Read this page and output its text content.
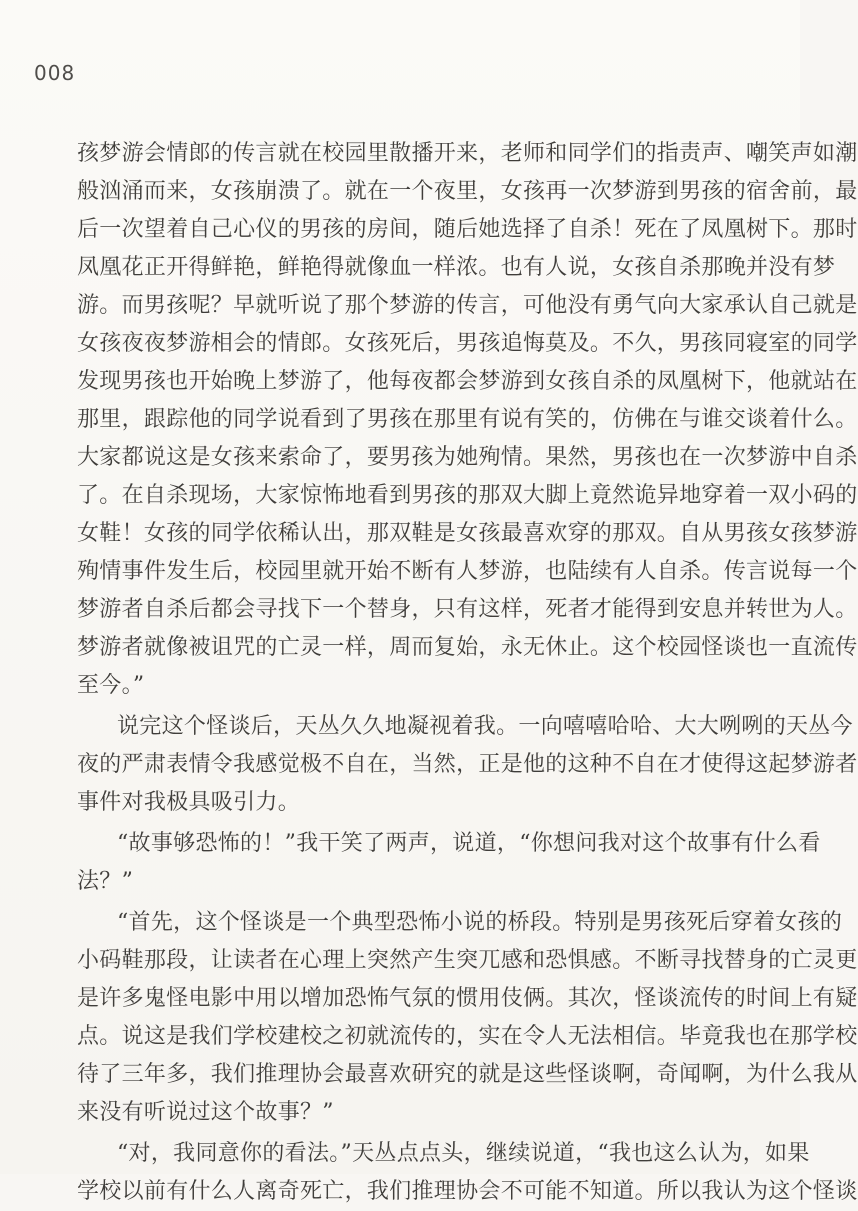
008
孩梦游会情郎的传言就在校园里散播开来，老师和同学们的指责声、嘲笑声如潮
般汹涌而来，女孩崩溃了。就在一个夜里，女孩再一次梦游到男孩的宿舍前，最
后一次望着自己心仪的男孩的房间，随后她选择了自杀！死在了凤凰树下。那时
凤凰花正开得鲜艳，鲜艳得就像血一样浓。也有人说，女孩自杀那晚并没有梦
游。而男孩呢？早就听说了那个梦游的传言，可他没有勇气向大家承认自己就是
女孩夜夜梦游相会的情郎。女孩死后，男孩追悔莫及。不久，男孩同寝室的同学
发现男孩也开始晚上梦游了，他每夜都会梦游到女孩自杀的凤凰树下，他就站在
那里，跟踪他的同学说看到了男孩在那里有说有笑的，仿佛在与谁交谈着什么。
大家都说这是女孩来索命了，要男孩为她殉情。果然，男孩也在一次梦游中自杀
了。在自杀现场，大家惊怖地看到男孩的那双大脚上竟然诡异地穿着一双小码的
女鞋！女孩的同学依稀认出，那双鞋是女孩最喜欢穿的那双。自从男孩女孩梦游
殉情事件发生后，校园里就开始不断有人梦游，也陆续有人自杀。传言说每一个
梦游者自杀后都会寻找下一个替身，只有这样，死者才能得到安息并转世为人。
梦游者就像被诅咒的亡灵一样，周而复始，永无休止。这个校园怪谈也一直流传
至今。”
说完这个怪谈后，天丛久久地凝视着我。一向嘻嘻哈哈、大大咧咧的天丛今
夜的严肃表情令我感觉极不自在，当然，正是他的这种不自在才使得这起梦游者
事件对我极具吸引力。
“故事够恐怖的！”我干笑了两声，说道，“你想问我对这个故事有什么看
法？”
“首先，这个怪谈是一个典型恐怖小说的桥段。特别是男孩死后穿着女孩的
小码鞋那段，让读者在心理上突然产生突兀感和恐惧感。不断寻找替身的亡灵更
是许多鬼怪电影中用以增加恐怖气氛的惯用伎俩。其次，怪谈流传的时间上有疑
点。说这是我们学校建校之初就流传的，实在令人无法相信。毕竟我也在那学校
待了三年多，我们推理协会最喜欢研究的就是这些怪谈啊，奇闻啊，为什么我从
来没有听说过这个故事？”
“对，我同意你的看法。”天丛点点头，继续说道，“我也这么认为，如果
学校以前有什么人离奇死亡，我们推理协会不可能不知道。所以我认为这个怪谈
